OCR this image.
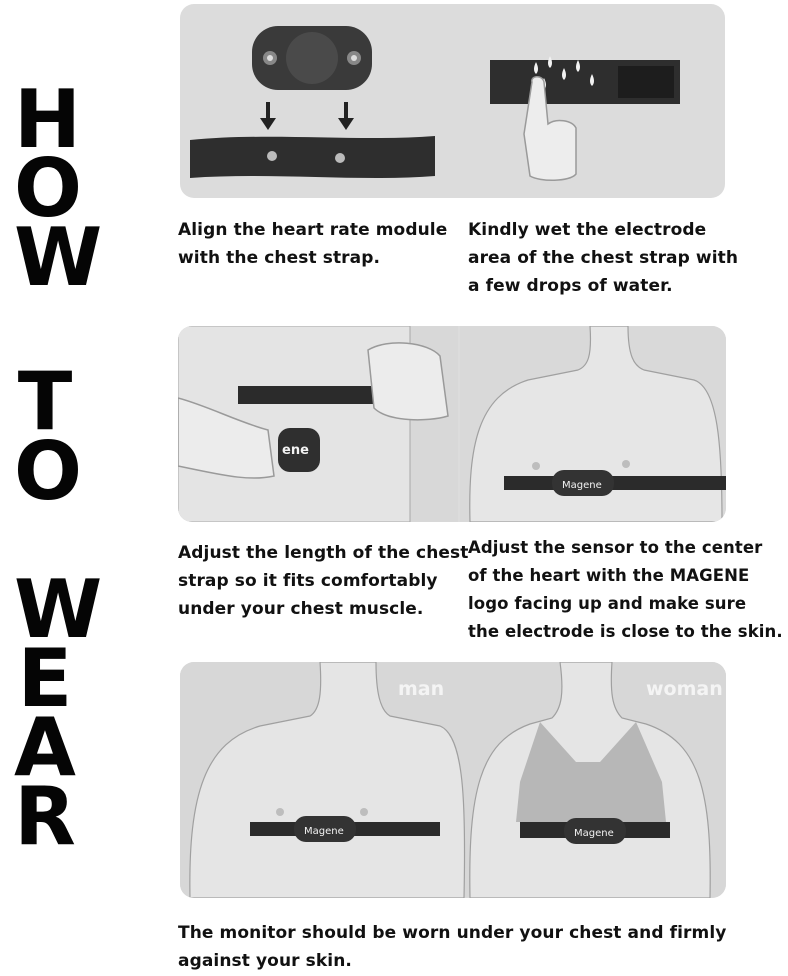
H
O
W
T
O
W
E
A
R
Align the heart rate module
with the chest strap.
Kindly wet the electrode
area of the chest strap with
a few drops of water.
ene
Magene
Adjust the length of the chest
strap so it fits comfortably
under your chest muscle.
Adjust the sensor to the center
of the heart with the MAGENE
logo facing up and make sure
the electrode is close to the skin.
Magene	Magene
man	woman
The monitor should be worn under your chest and firmly
against your skin.
